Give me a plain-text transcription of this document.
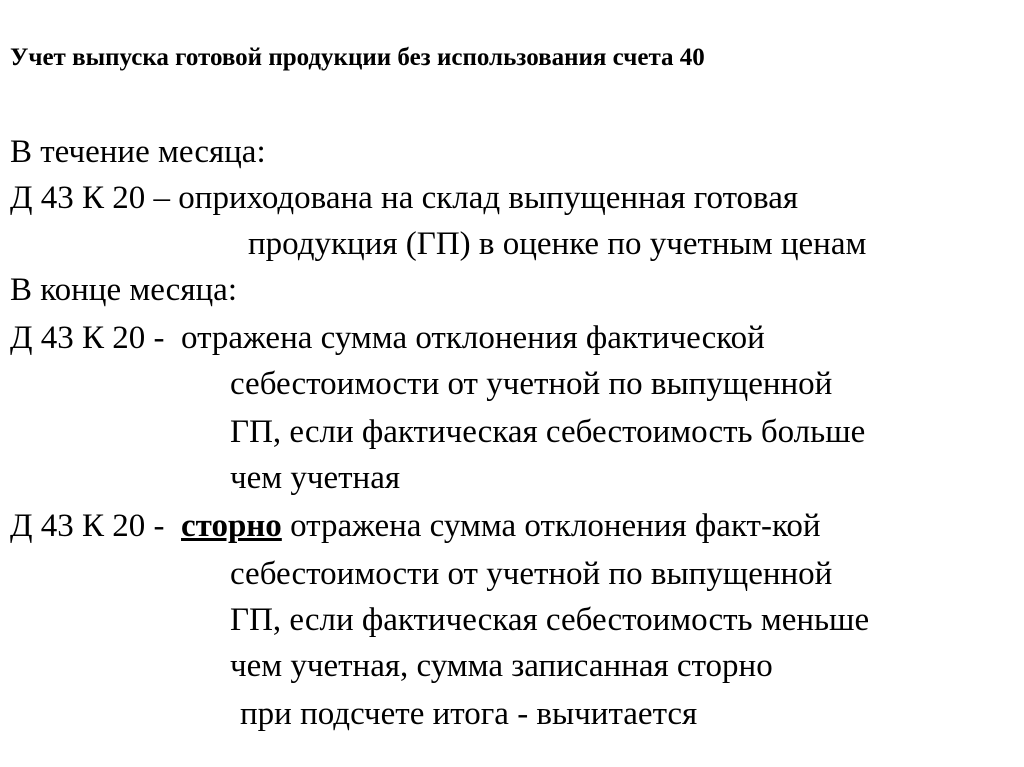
Учет выпуска готовой продукции без использования счета 40
В течение месяца:
Д 43 К 20 – оприходована на склад выпущенная готовая
продукция (ГП) в оценке по учетным ценам
В конце месяца:
Д 43 К 20 - отражена сумма отклонения фактической
себестоимости от учетной по выпущенной
ГП, если фактическая себестоимость больше
чем учетная
Д 43 К 20 - сторно отражена сумма отклонения факт-кой
себестоимости от учетной по выпущенной
ГП, если фактическая себестоимость меньше
чем учетная, сумма записанная сторно
при подсчете итога - вычитается
